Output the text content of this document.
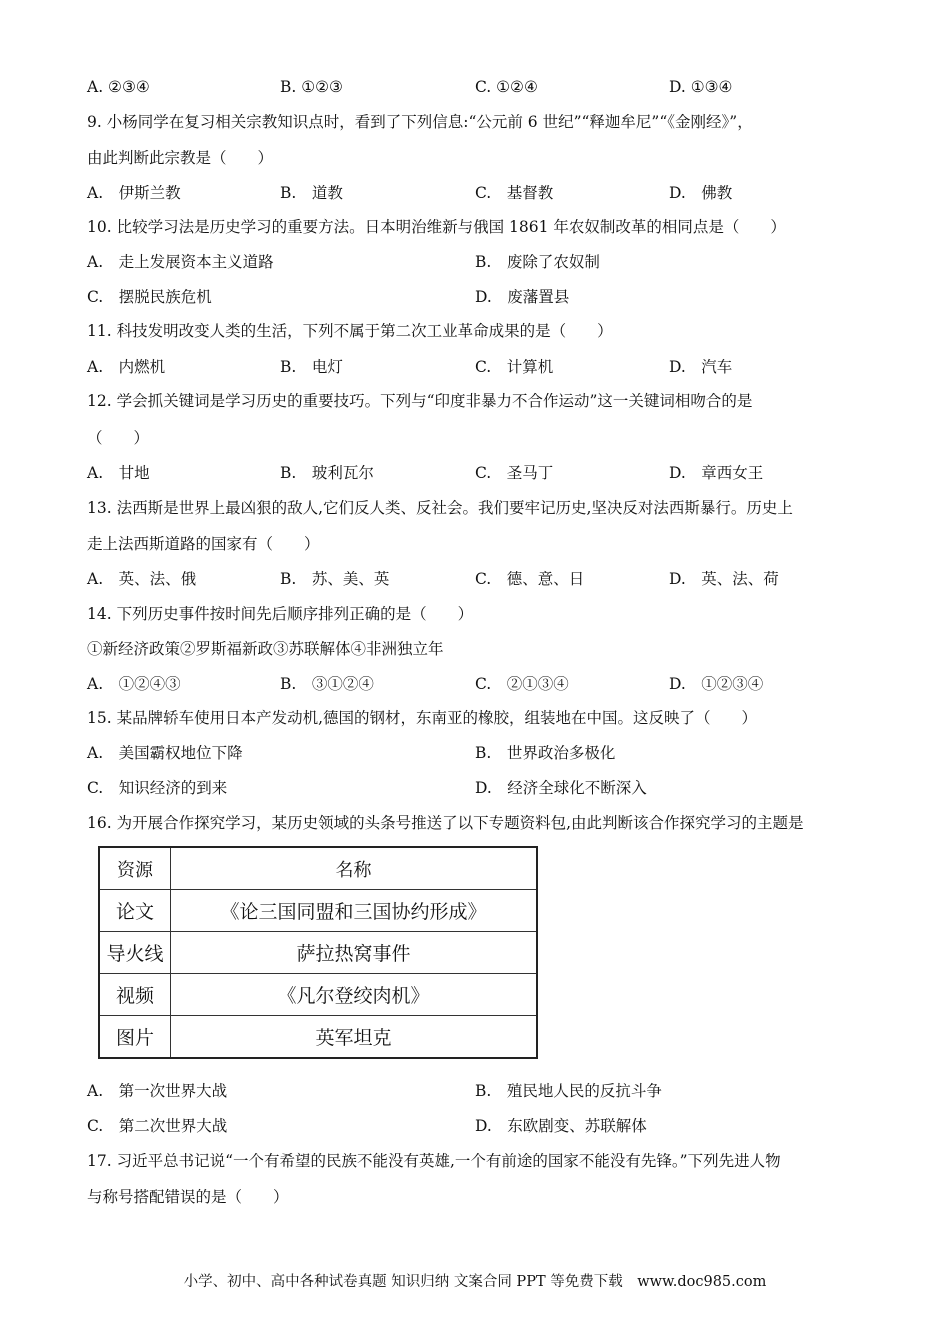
A. ②③④	B. ①②③	C. ①②④	D. ①③④
9. 小杨同学在复习相关宗教知识点时，看到了下列信息:“公元前 6 世纪”“释迦牟尼”“《金刚经》”，
由此判断此宗教是（　　）
A.　伊斯兰教	B.　道教	C.　基督教	D.　佛教
10. 比较学习法是历史学习的重要方法。日本明治维新与俄国 1861 年农奴制改革的相同点是（　　）
A.　走上发展资本主义道路	B.　废除了农奴制
C.　摆脱民族危机	D.　废藩置县
11. 科技发明改变人类的生活，下列不属于第二次工业革命成果的是（　　）
A.　内燃机	B.　电灯	C.　计算机	D.　汽车
12. 学会抓关键词是学习历史的重要技巧。下列与“印度非暴力不合作运动”这一关键词相吻合的是
（　　）
A.　甘地	B.　玻利瓦尔	C.　圣马丁	D.　章西女王
13. 法西斯是世界上最凶狠的敌人,它们反人类、反社会。我们要牢记历史,坚决反对法西斯暴行。历史上
走上法西斯道路的国家有（　　）
A.　英、法、俄	B.　苏、美、英	C.　德、意、日	D.　英、法、荷
14. 下列历史事件按时间先后顺序排列正确的是（　　）
①新经济政策②罗斯福新政③苏联解体④非洲独立年
A.　①②④③	B.　③①②④	C.　②①③④	D.　①②③④
15. 某品牌轿车使用日本产发动机,德国的钢材，东南亚的橡胶，组装地在中国。这反映了（　　）
A.　美国霸权地位下降	B.　世界政治多极化
C.　知识经济的到来	D.　经济全球化不断深入
16. 为开展合作探究学习，某历史领域的头条号推送了以下专题资料包,由此判断该合作探究学习的主题是
资源	名称
论文	《论三国同盟和三国协约形成》
导火线	萨拉热窝事件
视频	《凡尔登绞肉机》
图片	英军坦克
A.　第一次世界大战	B.　殖民地人民的反抗斗争
C.　第二次世界大战	D.　东欧剧变、苏联解体
17. 习近平总书记说“一个有希望的民族不能没有英雄,一个有前途的国家不能没有先锋。”下列先进人物
与称号搭配错误的是（　　）
小学、初中、高中各种试卷真题 知识归纳 文案合同 PPT 等免费下载　www.doc985.com
